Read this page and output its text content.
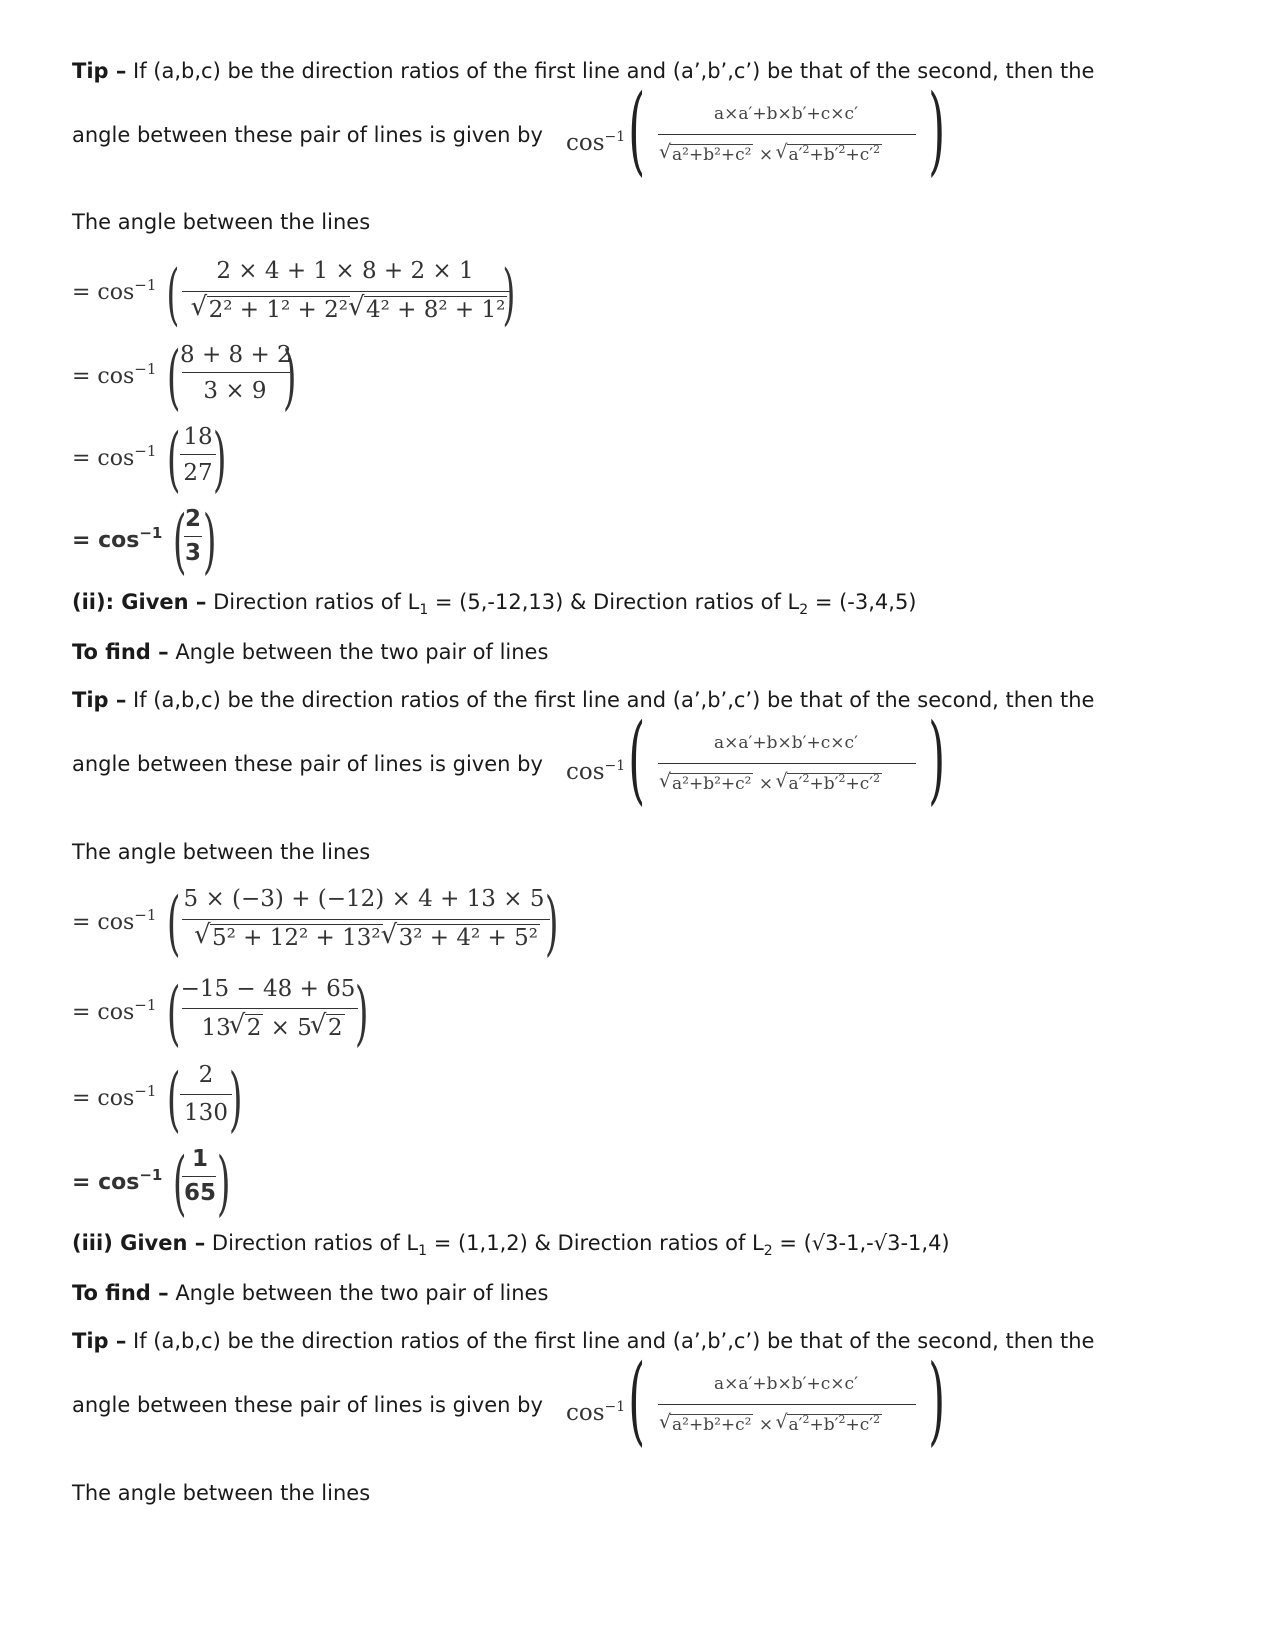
Tip – If (a,b,c) be the direction ratios of the first line and (a’,b’,c’) be that of the second, then the
angle between these pair of lines is given by $\cos^{-1}$ (	a×a′+b×b′+c×c′
√ a²+b²+c² × √ $a'^2+b'^2+c'^2$ )
The angle between the lines
= $\cos^{-1}$ (	2 × 4 + 1 × 8 + 2 × 1
√ 2² + 1² + 2² √ 4² + 8² + 1²
)
= $\cos^{-1}$ ( 8 + 8 + 2
3 × 9 )
= $\cos^{-1}$ ( 18
27 )
= $\cos^{-1}$ (
2
3 )
(ii): Given – Direction ratios of $L_1 = (5,-12,13)$ & Direction ratios of $L_2 = (-3,4,5)$
To find – Angle between the two pair of lines
Tip – If (a,b,c) be the direction ratios of the first line and (a’,b’,c’) be that of the second, then the
angle between these pair of lines is given by $\cos^{-1}$ (	a×a′+b×b′+c×c′
√ a²+b²+c² × √ $a'^2+b'^2+c'^2$ )
The angle between the lines
= $\cos^{-1}$ ( 5 × (−3) + (−12) × 4 + 13 × 5
√ 5² + 12² + 13² √ 3² + 4² + 5² )
= $\cos^{-1}$ ( −15 − 48 + 65
13 √ 2 × 5 √ 2 )
= $\cos^{-1}$ ( 2
130 )
= $\cos^{-1}$ ( 1
65 )
(iii) Given – Direction ratios of $L_1 = (1,1,2)$ & Direction ratios of $L_2 = (√3-1,-√3-1,4)$
To find – Angle between the two pair of lines
Tip – If (a,b,c) be the direction ratios of the first line and (a’,b’,c’) be that of the second, then the
angle between these pair of lines is given by $\cos^{-1}$ (	a×a′+b×b′+c×c′
√ a²+b²+c² × √ $a'^2+b'^2+c'^2$ )
The angle between the lines
